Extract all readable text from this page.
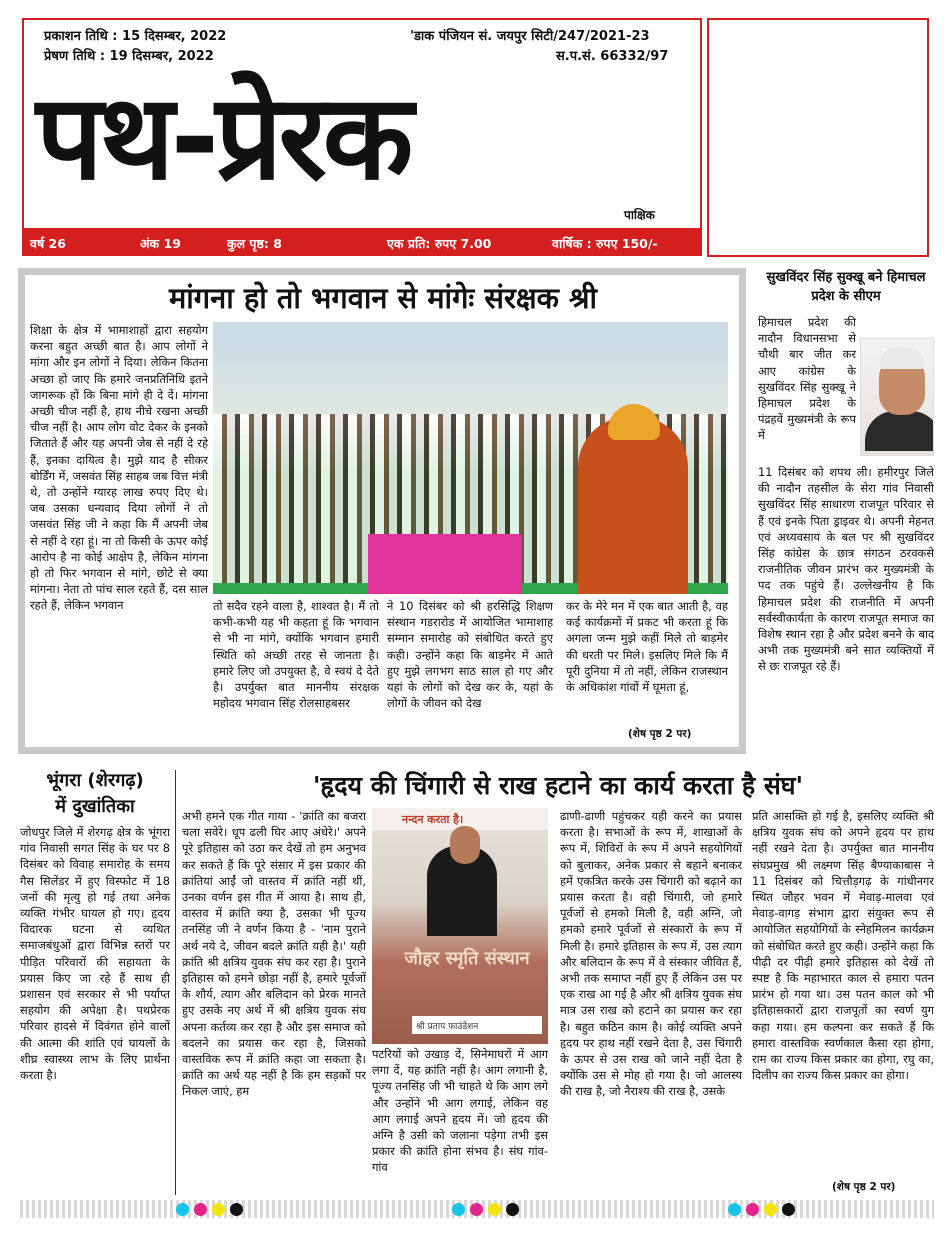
प्रकाशन तिथि : 15 दिसम्बर, 2022
प्रेषण तिथि : 19 दिसम्बर, 2022
'डाक पंजियन सं. जयपुर सिटी/247/2021-23
स.प.सं. 66332/97
पथ-प्रेरक
पाक्षिक
वर्ष 26	अंक 19	कुल पृष्ठ: 8	एक प्रति: रुपए 7.00	वार्षिक : रुपए 150/-
मांगना हो तो भगवान से मांगेः संरक्षक श्री
शिक्षा के क्षेत्र में भामाशाहों द्वारा सहयोग करना बहुत अच्छी बात है। आप लोगों ने मांगा और इन लोगों ने दिया। लेकिन कितना अच्छा हो जाए कि हमारे जनप्रतिनिधि इतने जागरूक हों कि बिना मांगे ही दे दें। मांगना अच्छी चीज नहीं है, हाथ नीचे रखना अच्छी चीज नहीं है। आप लोग वोट देकर के इनको जिताते हैं और यह अपनी जेब से नहीं दे रहे हैं, इनका दायित्व है। मुझे याद है सीकर बोर्डिंग में, जसवंत सिंह साहब जब वित्त मंत्री थे, तो उन्होंने ग्यारह लाख रुपए दिए थे। जब उसका धन्यवाद दिया लोगों ने तो जसवंत सिंह जी ने कहा कि मैं अपनी जेब से नहीं दे रहा हूं। ना तो किसी के ऊपर कोई आरोप है ना कोई आक्षेप है, लेकिन मांगना हो तो फिर भगवान से मांगे, छोटे से क्या मांगना। नेता तो पांच साल रहते हैं, दस साल रहते हैं, लेकिन भगवान	तो सदैव रहने वाला है, शाश्वत है। मैं तो कभी-कभी यह भी कहता हूं कि भगवान से भी ना मांगे, क्योंकि भगवान हमारी स्थिति को अच्छी तरह से जानता है। हमारे लिए जो उपयुक्त है, वे स्वयं दे देते है। उपर्युक्त बात माननीय संरक्षक महोदय भगवान सिंह रोलसाहबसर
ने 10 दिसंबर को श्री हरसिद्धि शिक्षण संस्थान गडरारोड में आयोजित भामाशाह सम्मान समारोह को संबोधित करते हुए कही। उन्होंने कहा कि बाड़मेर में आते हुए मुझे लगभग साठ साल हो गए और यहां के लोगों को देख कर के, यहां के लोगों के जीवन को देख
कर के मेरे मन में एक बात आती है, वह कई कार्यक्रमों में प्रकट भी करता हूं कि अगला जन्म मुझे कहीं मिले तो बाड़मेर की धरती पर मिले। इसलिए मिले कि मैं पूरी दुनिया में तो नहीं, लेकिन राजस्थान के अधिकांश गांवों में घूमता हूं,
(शेष पृष्ठ 2 पर)
सुखविंदर सिंह सुक्खू बने हिमाचल प्रदेश के सीएम
हिमाचल प्रदेश की नादौन विधानसभा से चौथी बार जीत कर आए कांग्रेस के सुखविंदर सिंह सुक्खू ने हिमाचल प्रदेश के पंद्रहवें मुख्यमंत्री के रूप में
11 दिसंबर को शपथ ली। हमीरपुर जिले की नादौन तहसील के सेरा गांव निवासी सुखविंदर सिंह साधारण राजपूत परिवार से हैं एवं इनके पिता ड्राइवर थे। अपनी मेहनत एवं अध्यवसाय के बल पर श्री सुखविंदर सिंह कांग्रेस के छात्र संगठन ठरवकसे राजनीतिक जीवन प्रारंभ कर मुख्यमंत्री के पद तक पहुंचे हैं। उल्लेखनीय है कि हिमाचल प्रदेश की राजनीति में अपनी सर्वस्वीकार्यता के कारण राजपूत समाज का विशेष स्थान रहा है और प्रदेश बनने के बाद अभी तक मुख्यमंत्री बने सात व्यक्तियों में से छः राजपूत रहे हैं।
भूंगरा (शेरगढ़)
में दुखांतिका
जोधपुर जिले में शेरगढ़ क्षेत्र के भूंगरा गांव निवासी सगत सिंह के घर पर 8 दिसंबर को विवाह समारोह के समय गैस सिलेंडर में हुए विस्फोट में 18 जनों की मृत्यु हो गई तथा अनेक व्यक्ति गंभीर घायल हो गए। हृदय विदारक घटना से व्यथित समाजबंधुओं द्वारा विभिन्न स्तरों पर पीड़ित परिवारों की सहायता के प्रयास किए जा रहे हैं साथ ही प्रशासन एवं सरकार से भी पर्याप्त सहयोग की अपेक्षा है। पथप्रेरक परिवार हादसे में दिवंगत होने वालों की आत्मा की शांति एवं घायलों के शीघ्र स्वास्थ्य लाभ के लिए प्रार्थना करता है।
'हृदय की चिंगारी से राख हटाने का कार्य करता है संघ'
अभी हमने एक गीत गाया - 'क्रांति का बजरा चला सवेरे। धूप ढली घिर आए अंधेरे।' अपने पूरे इतिहास को उठा कर देखें तो हम अनुभव कर सकते हैं कि पूरे संसार में इस प्रकार की क्रांतियां आईं जो वास्तव में क्रांति नहीं थीं, उनका वर्णन इस गीत में आया है। साथ ही, वास्तव में क्रांति क्या है, उसका भी पूज्य तनसिंह जी ने वर्णन किया है - 'नाम पुराने अर्थ नये दे, जीवन बदले क्रांति यही है।' यही क्रांति श्री क्षत्रिय युवक संघ कर रहा है। पुराने इतिहास को हमने छोड़ा नहीं है, हमारे पूर्वजों के शौर्य, त्याग और बलिदान को प्रेरक मानते हुए उसके नए अर्थ में श्री क्षत्रिय युवक संघ अपना कर्तव्य कर रहा है और इस समाज को बदलने का प्रयास कर रहा है, जिसको वास्तविक रूप में क्रांति कहा जा सकता है। क्रांति का अर्थ यह नहीं है कि हम सड़कों पर निकल जाएं, हम
नन्दन करता है।
जौहर स्मृति संस्थान
श्री प्रताप फाउंडेशन
पटरियों को उखाड़ दें, सिनेमाघरों में आग लगा दें, यह क्रांति नहीं है। आग लगानी है, पूज्य तनसिंह जी भी चाहते थे कि आग लगे और उन्होंने भी आग लगाई, लेकिन वह आग लगाई अपने हृदय में। जो हृदय की अग्नि है उसी को जलाना पड़ेगा तभी इस प्रकार की क्रांति होना संभव है। संघ गांव-गांव
ढाणी-ढाणी पहुंचकर यही करने का प्रयास करता है। सभाओं के रूप में, शाखाओं के रूप में, शिविरों के रूप में अपने सहयोगियों को बुलाकर, अनेक प्रकार से बहाने बनाकर हमें एकत्रित करके उस चिंगारी को बढ़ाने का प्रयास करता है। वही चिंगारी, जो हमारे पूर्वजों से हमको मिली है, वही अग्नि, जो हमको हमारे पूर्वजों से संस्कारों के रूप में मिली है। हमारे इतिहास के रूप में, उस त्याग और बलिदान के रूप में वे संस्कार जीवित हैं, अभी तक समाप्त नहीं हुए हैं लेकिन उस पर एक राख आ गई है और श्री क्षत्रिय युवक संघ मात्र उस राख को हटाने का प्रयास कर रहा है। बहुत कठिन काम है। कोई व्यक्ति अपने हृदय पर हाथ नहीं रखने देता है, उस चिंगारी के ऊपर से उस राख को जाने नहीं देता है क्योंकि उस से मोह हो गया है। जो आलस्य की राख है, जो नैराश्य की राख है, उसके
प्रति आसक्ति हो गई है, इसलिए व्यक्ति श्री क्षत्रिय युवक संघ को अपने हृदय पर हाथ नहीं रखने देता है। उपर्युक्त बात माननीय संघप्रमुख श्री लक्ष्मण सिंह बैण्याकाबास ने 11 दिसंबर को चित्तौड़गढ़ के गांधीनगर स्थित जौहर भवन में मेवाड़-मालवा एवं मेवाड़-वागड़ संभाग द्वारा संयुक्त रूप से आयोजित सहयोगियों के स्नेहमिलन कार्यक्रम को संबोधित करते हुए कही। उन्होंने कहा कि पीढ़ी दर पीढ़ी हमारे इतिहास को देखें तो स्पष्ट है कि महाभारत काल से हमारा पतन प्रारंभ हो गया था। उस पतन काल को भी इतिहासकारों द्वारा राजपूतों का स्वर्ण युग कहा गया। हम कल्पना कर सकते हैं कि हमारा वास्तविक स्वर्णकाल कैसा रहा होगा, राम का राज्य किस प्रकार का होगा, रघु का, दिलीप का राज्य किस प्रकार का होगा।
(शेष पृष्ठ 2 पर)
